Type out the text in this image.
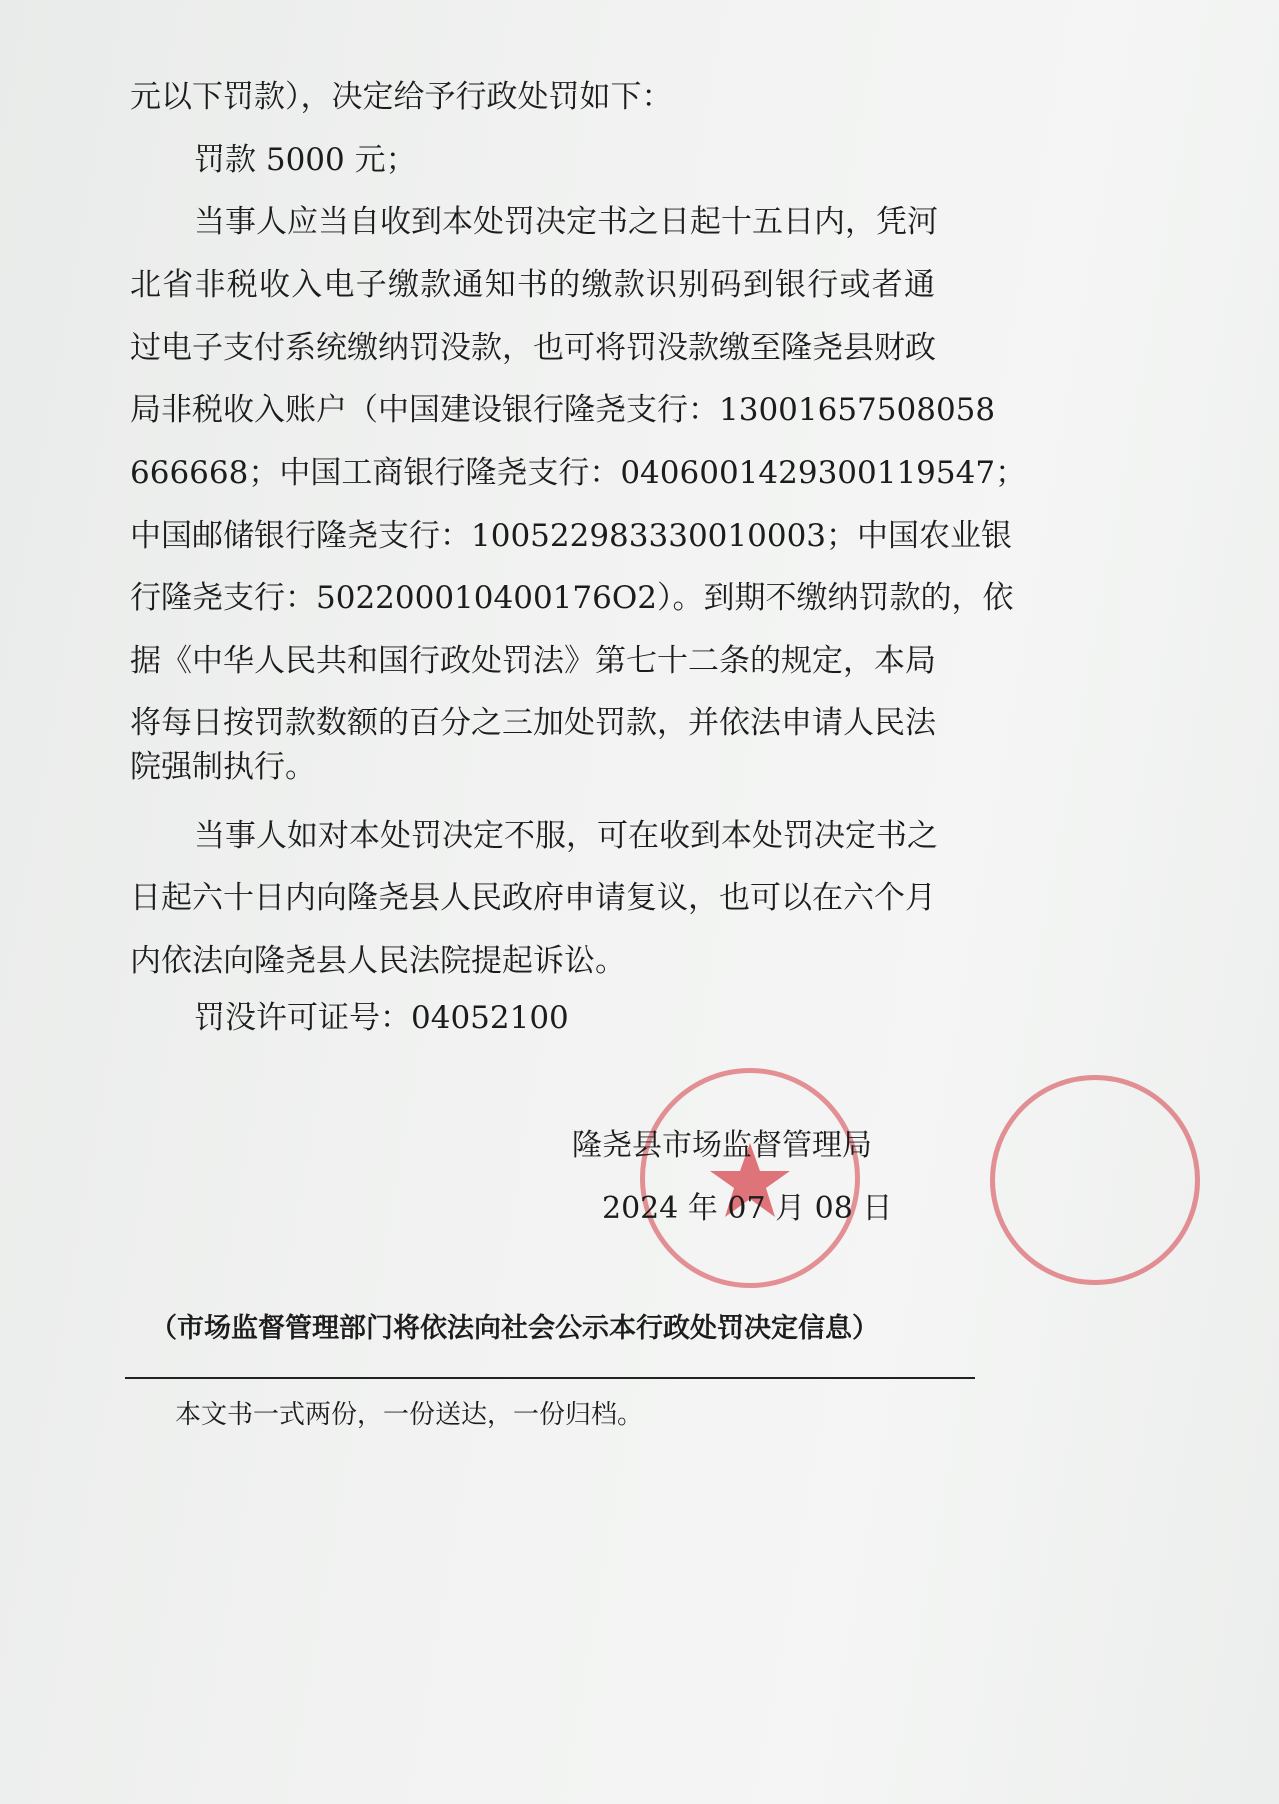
元以下罚款），决定给予行政处罚如下：
罚款 5000 元；
当事人应当自收到本处罚决定书之日起十五日内，凭河
北省非税收入电子缴款通知书的缴款识别码到银行或者通
过电子支付系统缴纳罚没款，也可将罚没款缴至隆尧县财政
局非税收入账户（中国建设银行隆尧支行：13001657508058
666668；中国工商银行隆尧支行：0406001429300119547；
中国邮储银行隆尧支行：100522983330010003；中国农业银
行隆尧支行：502200010400176O2）。到期不缴纳罚款的，依
据《中华人民共和国行政处罚法》第七十二条的规定，本局
将每日按罚款数额的百分之三加处罚款，并依法申请人民法
院强制执行。
当事人如对本处罚决定不服，可在收到本处罚决定书之
日起六十日内向隆尧县人民政府申请复议，也可以在六个月
内依法向隆尧县人民法院提起诉讼。
罚没许可证号：04052100
隆尧县市场监督管理局
2024 年 07 月 08 日
（市场监督管理部门将依法向社会公示本行政处罚决定信息）
本文书一式两份，一份送达，一份归档。
